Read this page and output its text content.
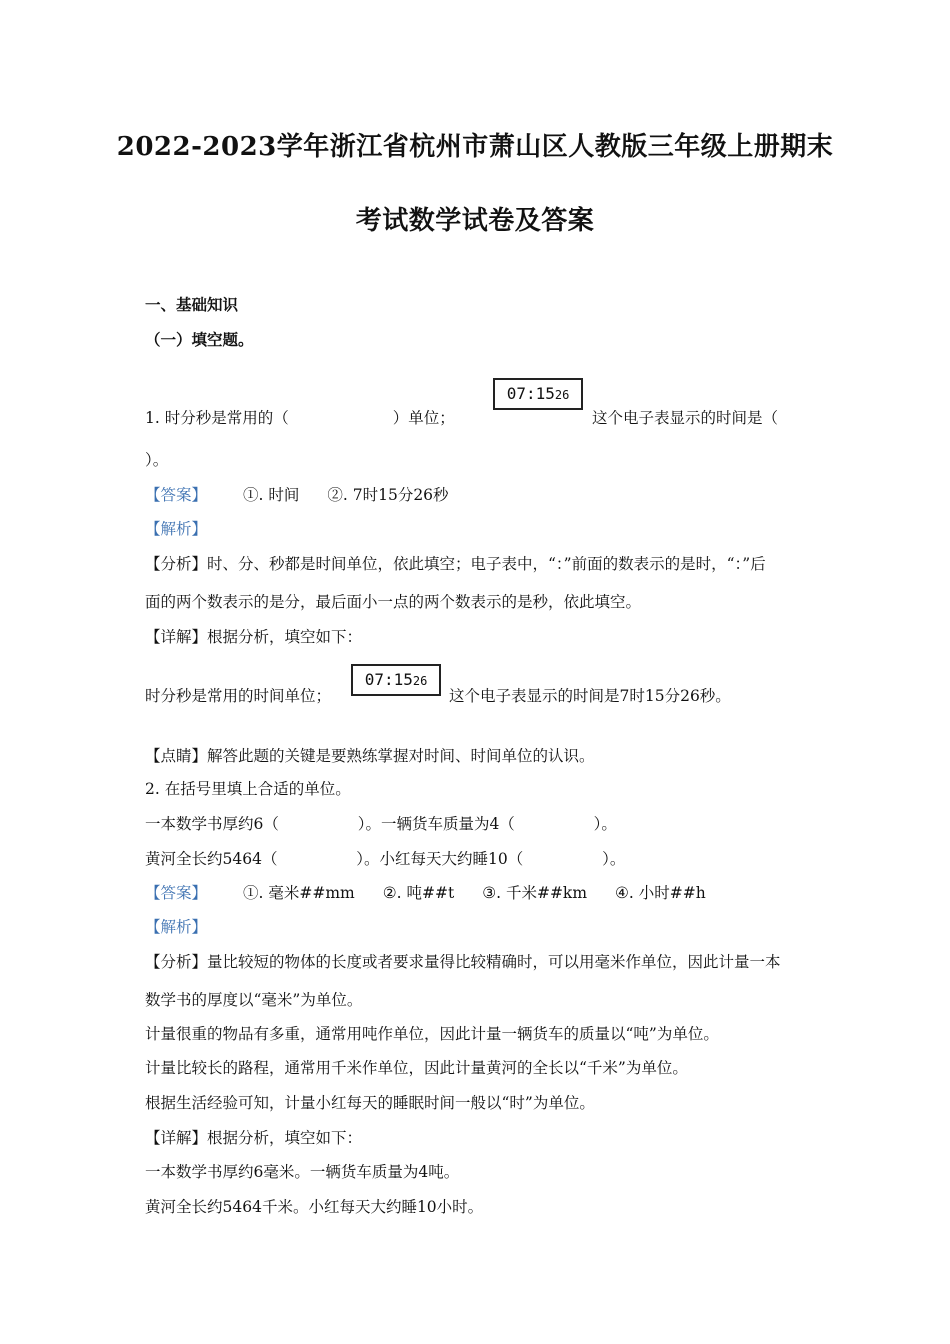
2022-2023学年浙江省杭州市萧山区人教版三年级上册期末
考试数学试卷及答案
一、基础知识
（一）填空题。
1. 时分秒是常用的（	）单位；
07:1526
这个电子表显示的时间是（
）。
【答案】 ①. 时间 ②. 7时15分26秒
【解析】
【分析】时、分、秒都是时间单位，依此填空；电子表中，“：”前面的数表示的是时，“：”后
面的两个数表示的是分，最后面小一点的两个数表示的是秒，依此填空。
【详解】根据分析，填空如下：
时分秒是常用的时间单位；
07:1526
这个电子表显示的时间是7时15分26秒。
【点睛】解答此题的关键是要熟练掌握对时间、时间单位的认识。
2. 在括号里填上合适的单位。
一本数学书厚约6（                ）。一辆货车质量为4（                ）。
黄河全长约5464（                ）。小红每天大约睡10（                ）。
【答案】 ①. 毫米##mm ②. 吨##t ③. 千米##km ④. 小时##h
【解析】
【分析】量比较短的物体的长度或者要求量得比较精确时，可以用毫米作单位，因此计量一本
数学书的厚度以“毫米”为单位。
计量很重的物品有多重，通常用吨作单位，因此计量一辆货车的质量以“吨”为单位。
计量比较长的路程，通常用千米作单位，因此计量黄河的全长以“千米”为单位。
根据生活经验可知，计量小红每天的睡眠时间一般以“时”为单位。
【详解】根据分析，填空如下：
一本数学书厚约6毫米。一辆货车质量为4吨。
黄河全长约5464千米。小红每天大约睡10小时。
